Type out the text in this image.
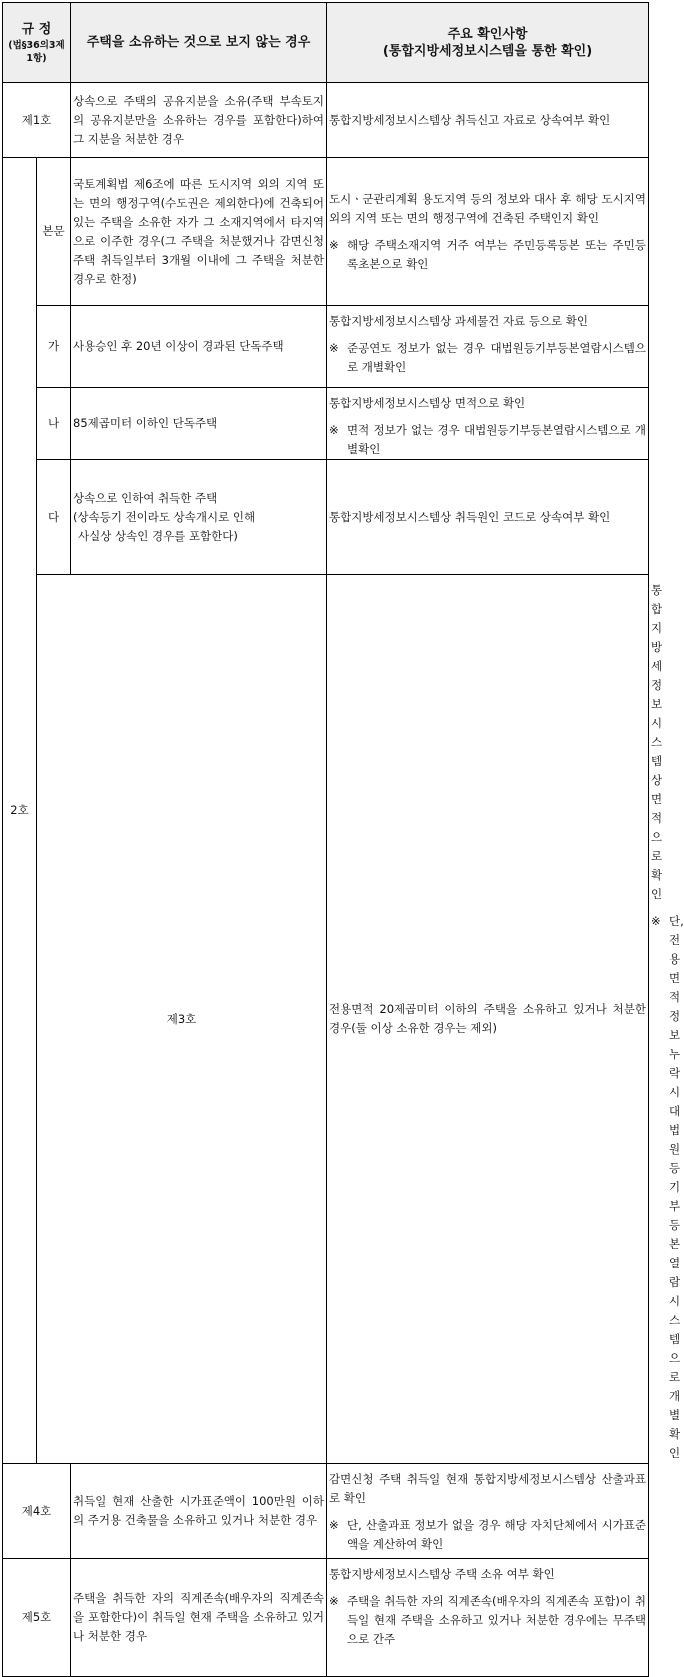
규 정
(법§36의3제1항)		주택을 소유하는 것으로 보지 않는 경우	주요 확인사항
(통합지방세정보시스템을 통한 확인)	

제1호		상속으로 주택의 공유지분을 소유(주택 부속토지의 공유지분만을 소유하는 경우를 포함한다)하여 그 지분을 처분한 경우	통합지방세정보시스템상 취득신고 자료로 상속여부 확인	
2호	본문	국토계획법 제6조에 따른 도시지역 외의 지역 또는 면의 행정구역(수도권은 제외한다)에 건축되어 있는 주택을 소유한 자가 그 소재지역에서 타지역으로 이주한 경우(그 주택을 처분했거나 감면신청 주택 취득일부터 3개월 이내에 그 주택을 처분한 경우로 한정)	도시ㆍ군관리계획 용도지역 등의 정보와 대사 후 해당 도시지역 외의 지역 또는 면의 행정구역에 건축된 주택인지 확인
※ 해당 주택소재지역 거주 여부는 주민등록등본 또는 주민등록초본으로 확인	

	가	사용승인 후 20년 이상이 경과된 단독주택	통합지방세정보시스템상 과세물건 자료 등으로 확인
※ 준공연도 정보가 없는 경우 대법원등기부등본열람시스템으로 개별확인	

	나	85제곱미터 이하인 단독주택	통합지방세정보시스템상 면적으로 확인
※ 면적 정보가 없는 경우 대법원등기부등본열람시스템으로 개별확인	

	다	상속으로 인하여 취득한 주택
(상속등기 전이라도 상속개시로 인해
사실상 상속인 경우를 포함한다)	통합지방세정보시스템상 취득원인 코드로 상속여부 확인	
	제3호		전용면적 20제곱미터 이하의 주택을 소유하고 있거나 처분한 경우(둘 이상 소유한 경우는 제외)	통합지방세정보시스템상 면적으로 확인
※ 단, 전용면적 정보 누락시 대법원 등기부등본 열람시스템으로 개별확인

제4호		취득일 현재 산출한 시가표준액이 100만원 이하의 주거용 건축물을 소유하고 있거나 처분한 경우	감면신청 주택 취득일 현재 통합지방세정보시스템상 산출과표로 확인
※ 단, 산출과표 정보가 없을 경우 해당 자치단체에서 시가표준액을 계산하여 확인	

제5호		주택을 취득한 자의 직계존속(배우자의 직계존속을 포함한다)이 취득일 현재 주택을 소유하고 있거나 처분한 경우	통합지방세정보시스템상 주택 소유 여부 확인
※ 주택을 취득한 자의 직계존속(배우자의 직계존속 포함)이 취득일 현재 주택을 소유하고 있거나 처분한 경우에는 무주택으로 간주	
